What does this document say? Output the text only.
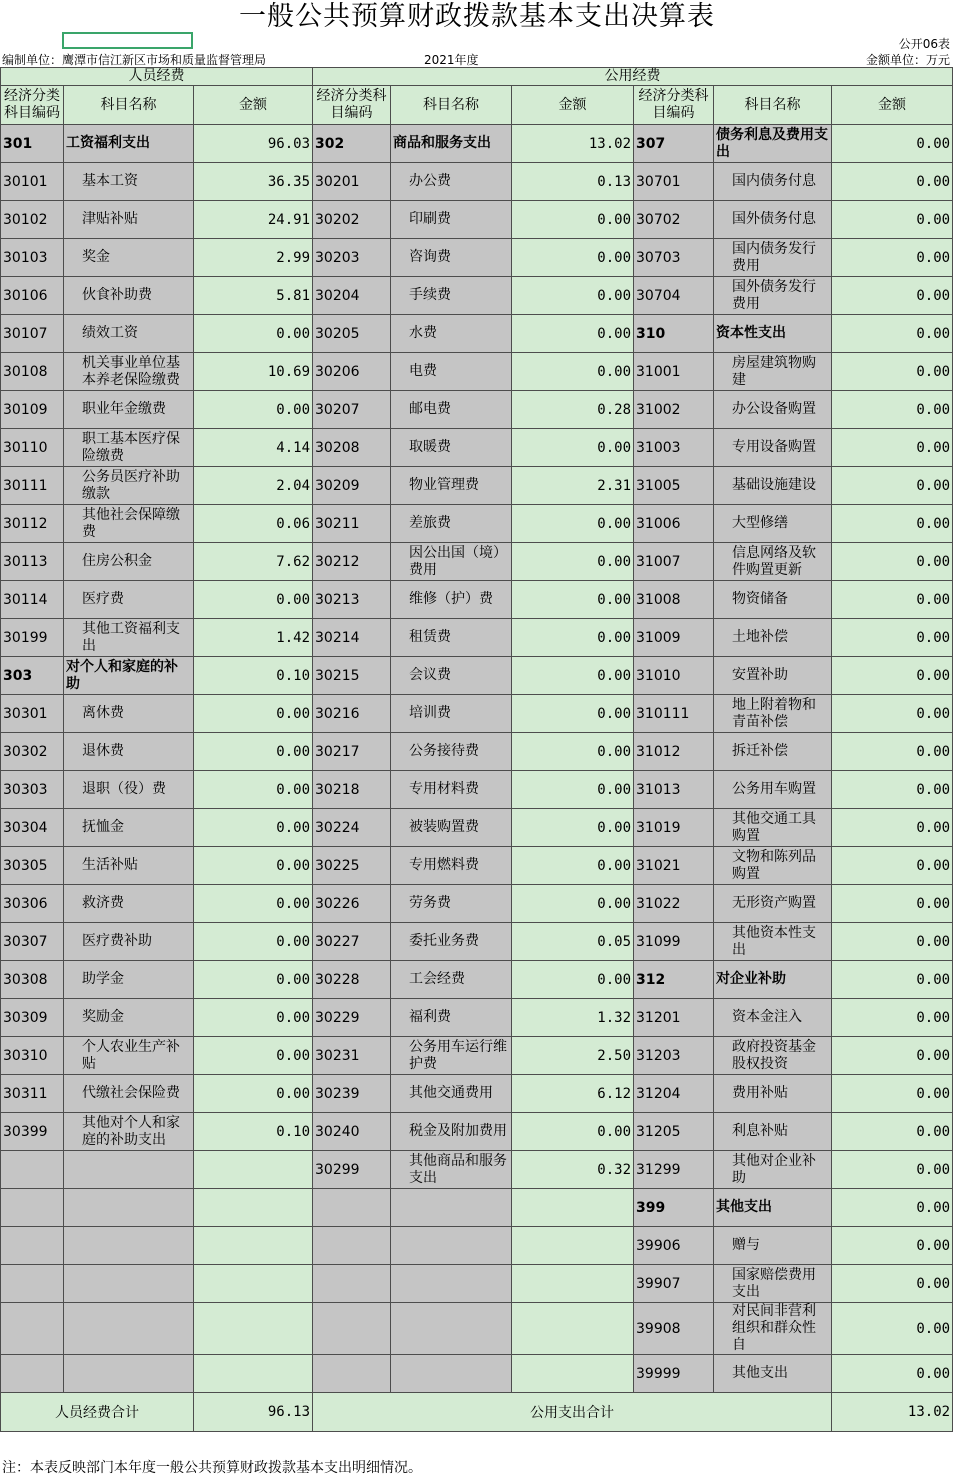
一般公共预算财政拨款基本支出决算表
公开06表
编制单位：鹰潭市信江新区市场和质量监督管理局	2021年度	金额单位：万元
人员经费			公用经费					
经济分类科目编码	科目名称	金额	经济分类科目编码	科目名称	金额	经济分类科目编码	科目名称	金额
301	工资福利支出	96.03	302	商品和服务支出	13.02	307	债务利息及费用支出	0.00
30101	基本工资	36.35	30201	办公费	0.13	30701	国内债务付息	0.00
30102	津贴补贴	24.91	30202	印刷费	0.00	30702	国外债务付息	0.00
30103	奖金	2.99	30203	咨询费	0.00	30703	国内债务发行费用	0.00
30106	伙食补助费	5.81	30204	手续费	0.00	30704	国外债务发行费用	0.00
30107	绩效工资	0.00	30205	水费	0.00	310	资本性支出	0.00
30108	机关事业单位基本养老保险缴费	10.69	30206	电费	0.00	31001	房屋建筑物购建	0.00
30109	职业年金缴费	0.00	30207	邮电费	0.28	31002	办公设备购置	0.00
30110	职工基本医疗保险缴费	4.14	30208	取暖费	0.00	31003	专用设备购置	0.00
30111	公务员医疗补助缴款	2.04	30209	物业管理费	2.31	31005	基础设施建设	0.00
30112	其他社会保障缴费	0.06	30211	差旅费	0.00	31006	大型修缮	0.00
30113	住房公积金	7.62	30212	因公出国（境）费用	0.00	31007	信息网络及软件购置更新	0.00
30114	医疗费	0.00	30213	维修（护）费	0.00	31008	物资储备	0.00
30199	其他工资福利支出	1.42	30214	租赁费	0.00	31009	土地补偿	0.00
303	对个人和家庭的补助	0.10	30215	会议费	0.00	31010	安置补助	0.00
30301	离休费	0.00	30216	培训费	0.00	310111	地上附着物和青苗补偿	0.00
30302	退休费	0.00	30217	公务接待费	0.00	31012	拆迁补偿	0.00
30303	退职（役）费	0.00	30218	专用材料费	0.00	31013	公务用车购置	0.00
30304	抚恤金	0.00	30224	被装购置费	0.00	31019	其他交通工具购置	0.00
30305	生活补贴	0.00	30225	专用燃料费	0.00	31021	文物和陈列品购置	0.00
30306	救济费	0.00	30226	劳务费	0.00	31022	无形资产购置	0.00
30307	医疗费补助	0.00	30227	委托业务费	0.05	31099	其他资本性支出	0.00
30308	助学金	0.00	30228	工会经费	0.00	312	对企业补助	0.00
30309	奖励金	0.00	30229	福利费	1.32	31201	资本金注入	0.00
30310	个人农业生产补贴	0.00	30231	公务用车运行维护费	2.50	31203	政府投资基金股权投资	0.00
30311	代缴社会保险费	0.00	30239	其他交通费用	6.12	31204	费用补贴	0.00
30399	其他对个人和家庭的补助支出	0.10	30240	税金及附加费用	0.00	31205	利息补贴	0.00
			30299	其他商品和服务支出	0.32	31299	其他对企业补助	0.00
						399	其他支出	0.00
						39906	赠与	0.00
						39907	国家赔偿费用支出	0.00
						39908	对民间非营利组织和群众性自	0.00
						39999	其他支出	0.00
人员经费合计		96.13	公用支出合计					13.02
注：本表反映部门本年度一般公共预算财政拨款基本支出明细情况。
